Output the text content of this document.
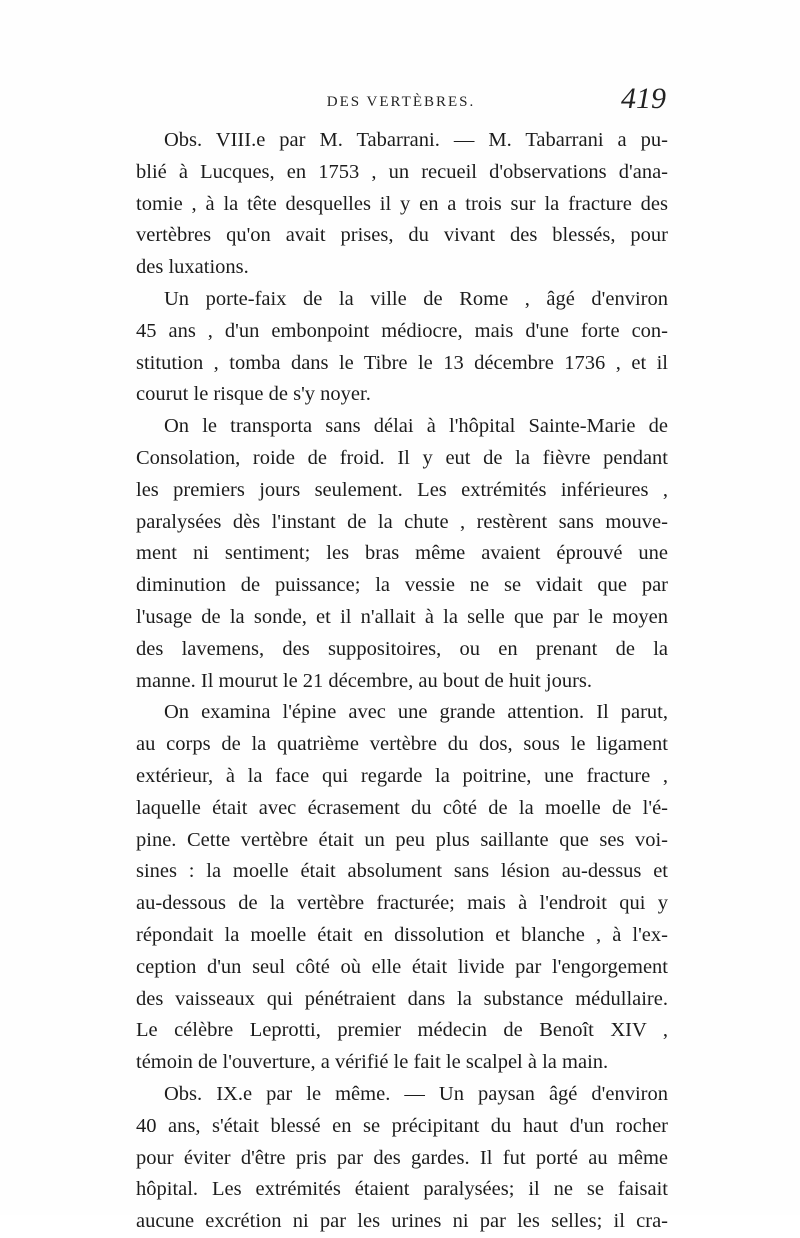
DES VERTÈBRES.	419
Obs. VIII.e par M. Tabarrani. — M. Tabarrani a pu-
blié à Lucques, en 1753 , un recueil d'observations d'ana-
tomie , à la tête desquelles il y en a trois sur la fracture des
vertèbres qu'on avait prises, du vivant des blessés, pour
des luxations.
Un porte-faix de la ville de Rome , âgé d'environ
45 ans , d'un embonpoint médiocre, mais d'une forte con-
stitution , tomba dans le Tibre le 13 décembre 1736 , et il
courut le risque de s'y noyer.
On le transporta sans délai à l'hôpital Sainte-Marie de
Consolation, roide de froid. Il y eut de la fièvre pendant
les premiers jours seulement. Les extrémités inférieures ,
paralysées dès l'instant de la chute , restèrent sans mouve-
ment ni sentiment; les bras même avaient éprouvé une
diminution de puissance; la vessie ne se vidait que par
l'usage de la sonde, et il n'allait à la selle que par le moyen
des lavemens, des suppositoires, ou en prenant de la
manne. Il mourut le 21 décembre, au bout de huit jours.
On examina l'épine avec une grande attention. Il parut,
au corps de la quatrième vertèbre du dos, sous le ligament
extérieur, à la face qui regarde la poitrine, une fracture ,
laquelle était avec écrasement du côté de la moelle de l'é-
pine. Cette vertèbre était un peu plus saillante que ses voi-
sines : la moelle était absolument sans lésion au-dessus et
au-dessous de la vertèbre fracturée; mais à l'endroit qui y
répondait la moelle était en dissolution et blanche , à l'ex-
ception d'un seul côté où elle était livide par l'engorgement
des vaisseaux qui pénétraient dans la substance médullaire.
Le célèbre Leprotti, premier médecin de Benoît XIV ,
témoin de l'ouverture, a vérifié le fait le scalpel à la main.
Obs. IX.e par le même. — Un paysan âgé d'environ
40 ans, s'était blessé en se précipitant du haut d'un rocher
pour éviter d'être pris par des gardes. Il fut porté au même
hôpital. Les extrémités étaient paralysées; il ne se faisait
aucune excrétion ni par les urines ni par les selles; il cra-
